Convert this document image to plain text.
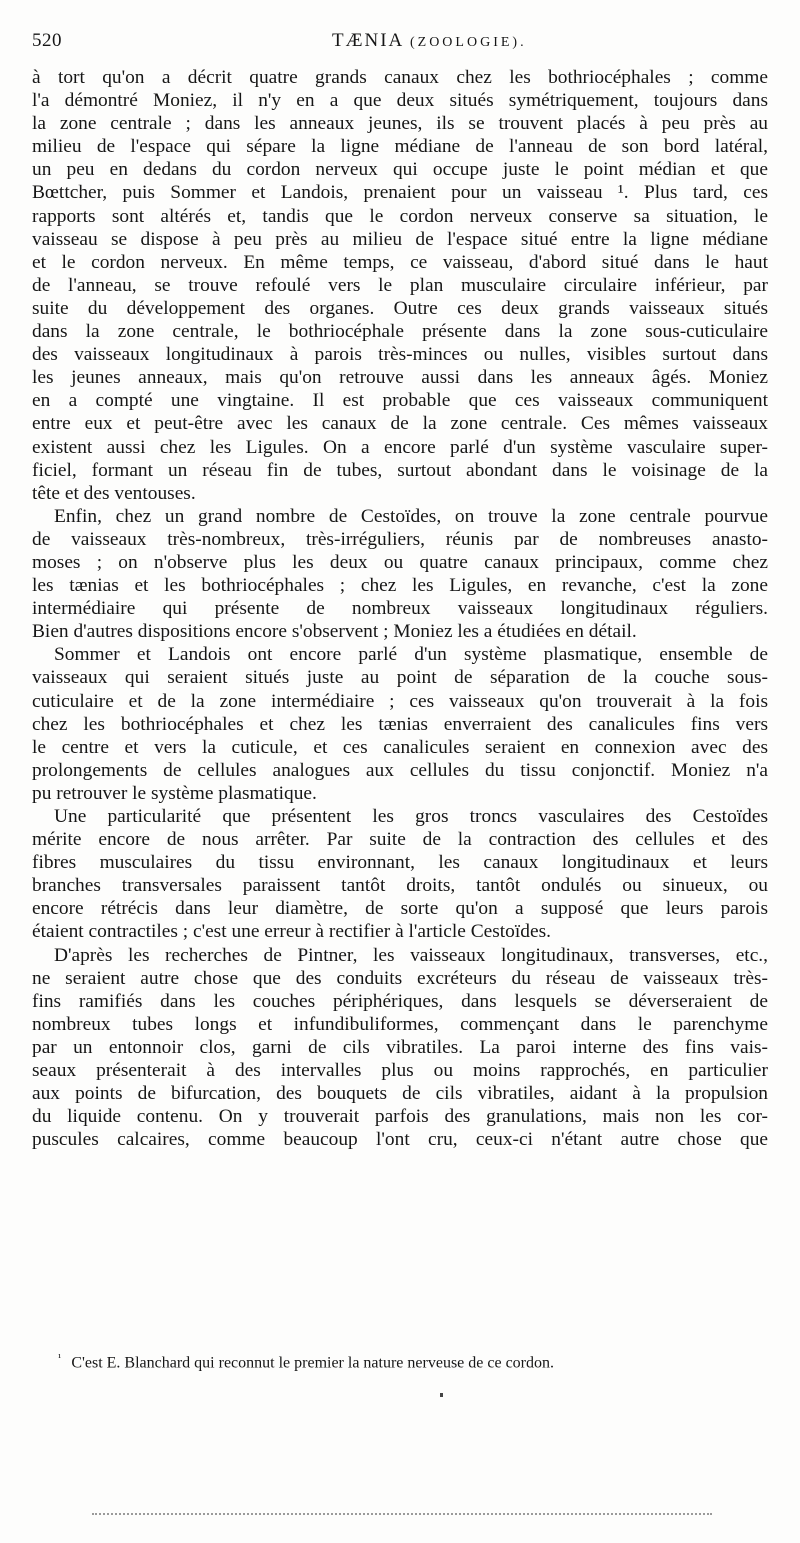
520	TÆNIA (ZOOLOGIE).
à tort qu'on a décrit quatre grands canaux chez les bothriocéphales ; comme
l'a démontré Moniez, il n'y en a que deux situés symétriquement, toujours dans
la zone centrale ; dans les anneaux jeunes, ils se trouvent placés à peu près au
milieu de l'espace qui sépare la ligne médiane de l'anneau de son bord latéral,
un peu en dedans du cordon nerveux qui occupe juste le point médian et que
Bœttcher, puis Sommer et Landois, prenaient pour un vaisseau ¹. Plus tard, ces
rapports sont altérés et, tandis que le cordon nerveux conserve sa situation, le
vaisseau se dispose à peu près au milieu de l'espace situé entre la ligne médiane
et le cordon nerveux. En même temps, ce vaisseau, d'abord situé dans le haut
de l'anneau, se trouve refoulé vers le plan musculaire circulaire inférieur, par
suite du développement des organes. Outre ces deux grands vaisseaux situés
dans la zone centrale, le bothriocéphale présente dans la zone sous-cuticulaire
des vaisseaux longitudinaux à parois très-minces ou nulles, visibles surtout dans
les jeunes anneaux, mais qu'on retrouve aussi dans les anneaux âgés. Moniez
en a compté une vingtaine. Il est probable que ces vaisseaux communiquent
entre eux et peut-être avec les canaux de la zone centrale. Ces mêmes vaisseaux
existent aussi chez les Ligules. On a encore parlé d'un système vasculaire super-
ficiel, formant un réseau fin de tubes, surtout abondant dans le voisinage de la
tête et des ventouses.
Enfin, chez un grand nombre de Cestoïdes, on trouve la zone centrale pourvue
de vaisseaux très-nombreux, très-irréguliers, réunis par de nombreuses anasto-
moses ; on n'observe plus les deux ou quatre canaux principaux, comme chez
les tænias et les bothriocéphales ; chez les Ligules, en revanche, c'est la zone
intermédiaire qui présente de nombreux vaisseaux longitudinaux réguliers.
Bien d'autres dispositions encore s'observent ; Moniez les a étudiées en détail.
Sommer et Landois ont encore parlé d'un système plasmatique, ensemble de
vaisseaux qui seraient situés juste au point de séparation de la couche sous-
cuticulaire et de la zone intermédiaire ; ces vaisseaux qu'on trouverait à la fois
chez les bothriocéphales et chez les tænias enverraient des canalicules fins vers
le centre et vers la cuticule, et ces canalicules seraient en connexion avec des
prolongements de cellules analogues aux cellules du tissu conjonctif. Moniez n'a
pu retrouver le système plasmatique.
Une particularité que présentent les gros troncs vasculaires des Cestoïdes
mérite encore de nous arrêter. Par suite de la contraction des cellules et des
fibres musculaires du tissu environnant, les canaux longitudinaux et leurs
branches transversales paraissent tantôt droits, tantôt ondulés ou sinueux, ou
encore rétrécis dans leur diamètre, de sorte qu'on a supposé que leurs parois
étaient contractiles ; c'est une erreur à rectifier à l'article Cestoïdes.
D'après les recherches de Pintner, les vaisseaux longitudinaux, transverses, etc.,
ne seraient autre chose que des conduits excréteurs du réseau de vaisseaux très-
fins ramifiés dans les couches périphériques, dans lesquels se déverseraient de
nombreux tubes longs et infundibuliformes, commençant dans le parenchyme
par un entonnoir clos, garni de cils vibratiles. La paroi interne des fins vais-
seaux présenterait à des intervalles plus ou moins rapprochés, en particulier
aux points de bifurcation, des bouquets de cils vibratiles, aidant à la propulsion
du liquide contenu. On y trouverait parfois des granulations, mais non les cor-
puscules calcaires, comme beaucoup l'ont cru, ceux-ci n'étant autre chose que
$^{^1}$ C'est E. Blanchard qui reconnut le premier la nature nerveuse de ce cordon.
